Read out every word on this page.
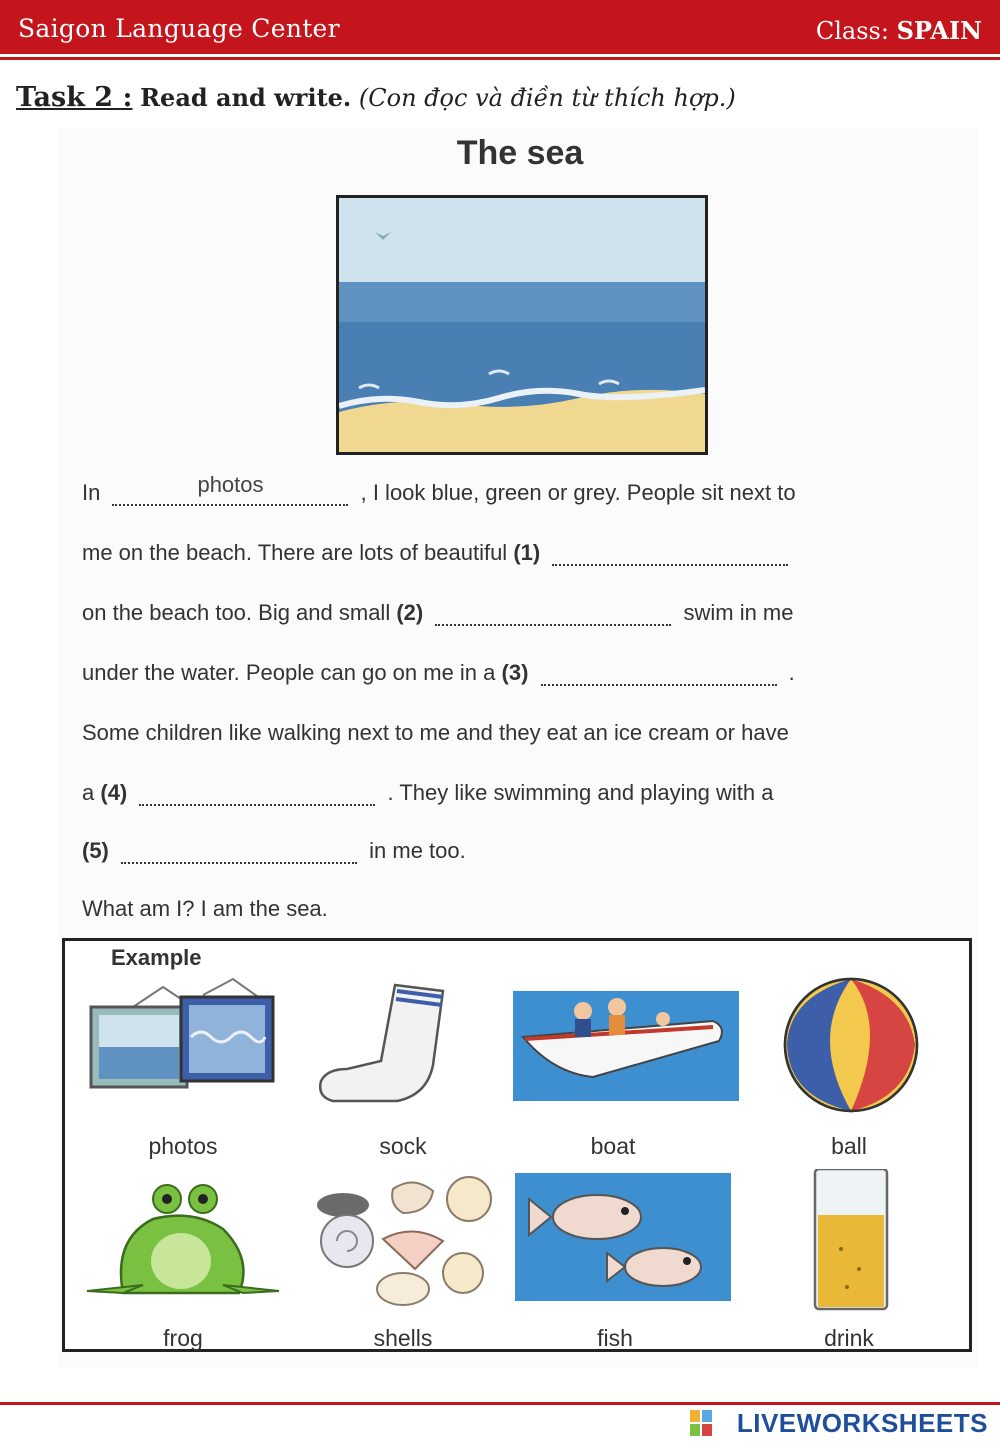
Saigon Language Center	Class: SPAIN
Task 2 : Read and write. (Con đọc và điền từ thích hợp.)
The sea
In	photos	, I look blue, green or grey. People sit next to
me on the beach. There are lots of beautiful (1)
on the beach too. Big and small (2)	swim in me
under the water. People can go on me in a (3)	.
Some children like walking next to me and they eat an ice cream or have
a (4)	. They like swimming and playing with a
(5)	in me too.
What am I? I am the sea.
Example
photos	sock	boat	ball
frog	shells	fish	drink
LIVEWORKSHEETS
